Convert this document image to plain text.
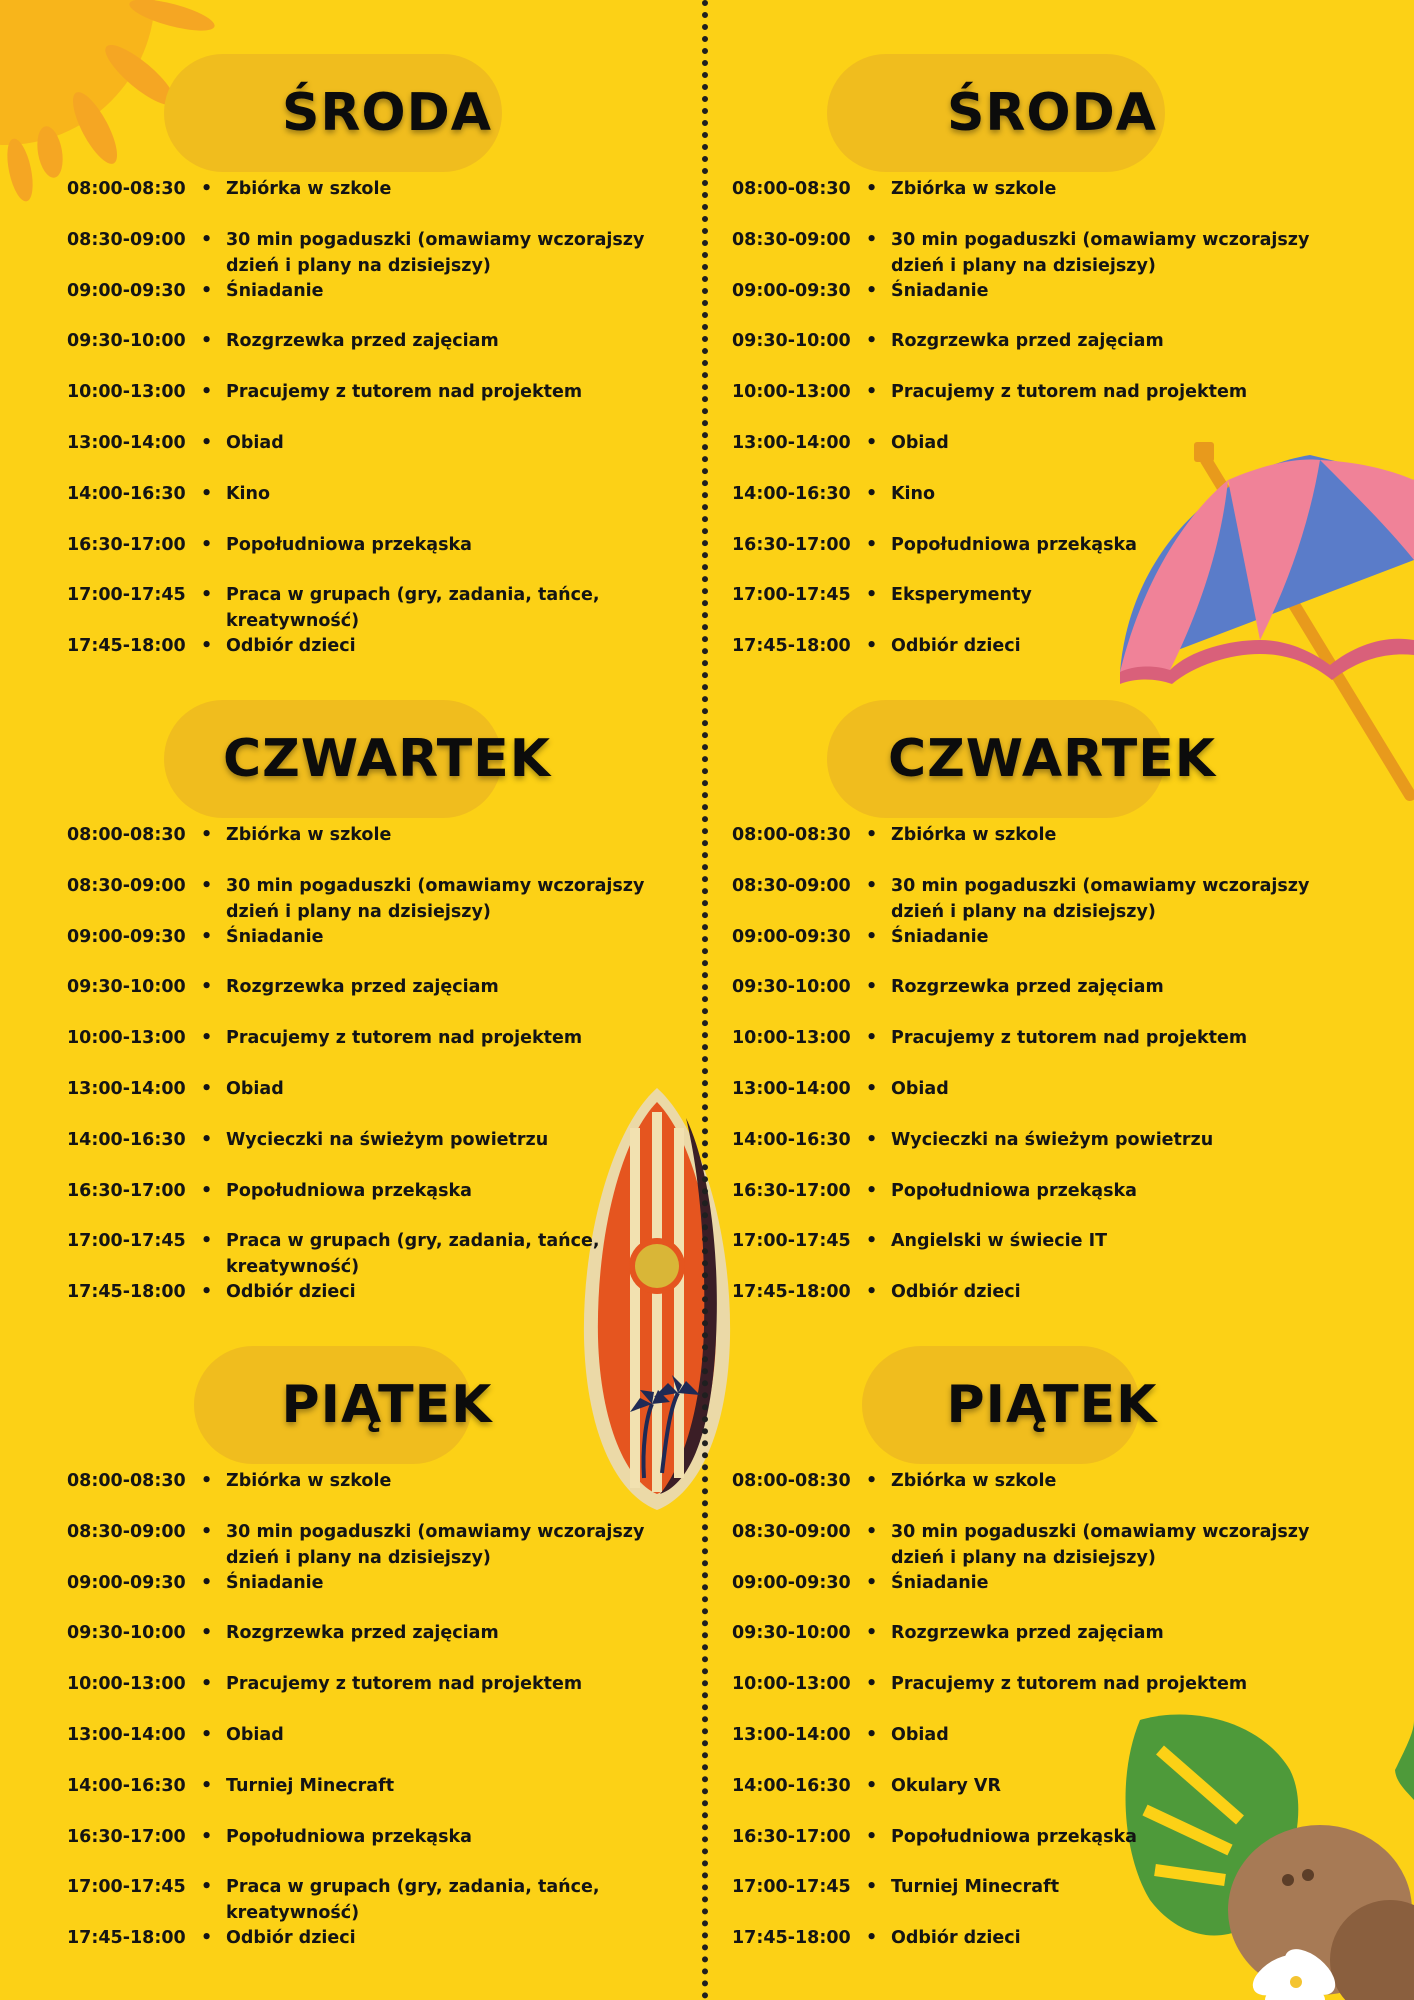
ŚRODA
08:00-08:30 • Zbiórka w szkole
08:30-09:00 • 30 min pogaduszki (omawiamy wczorajszy dzień i plany na dzisiejszy)
09:00-09:30 • Śniadanie
09:30-10:00 • Rozgrzewka przed zajęciam
10:00-13:00 • Pracujemy z tutorem nad projektem
13:00-14:00 • Obiad
14:00-16:30 • Kino
16:30-17:00 • Popołudniowa przekąska
17:00-17:45 • Praca w grupach (gry, zadania, tańce, kreatywność)
17:45-18:00 • Odbiór dzieci
CZWARTEK
08:00-08:30 • Zbiórka w szkole
08:30-09:00 • 30 min pogaduszki (omawiamy wczorajszy dzień i plany na dzisiejszy)
09:00-09:30 • Śniadanie
09:30-10:00 • Rozgrzewka przed zajęciam
10:00-13:00 • Pracujemy z tutorem nad projektem
13:00-14:00 • Obiad
14:00-16:30 • Wycieczki na świeżym powietrzu
16:30-17:00 • Popołudniowa przekąska
17:00-17:45 • Praca w grupach (gry, zadania, tańce, kreatywność)
17:45-18:00 • Odbiór dzieci
PIĄTEK
08:00-08:30 • Zbiórka w szkole
08:30-09:00 • 30 min pogaduszki (omawiamy wczorajszy dzień i plany na dzisiejszy)
09:00-09:30 • Śniadanie
09:30-10:00 • Rozgrzewka przed zajęciam
10:00-13:00 • Pracujemy z tutorem nad projektem
13:00-14:00 • Obiad
14:00-16:30 • Turniej Minecraft
16:30-17:00 • Popołudniowa przekąska
17:00-17:45 • Praca w grupach (gry, zadania, tańce, kreatywność)
17:45-18:00 • Odbiór dzieci
ŚRODA
08:00-08:30 • Zbiórka w szkole
08:30-09:00 • 30 min pogaduszki (omawiamy wczorajszy dzień i plany na dzisiejszy)
09:00-09:30 • Śniadanie
09:30-10:00 • Rozgrzewka przed zajęciam
10:00-13:00 • Pracujemy z tutorem nad projektem
13:00-14:00 • Obiad
14:00-16:30 • Kino
16:30-17:00 • Popołudniowa przekąska
17:00-17:45 • Eksperymenty
17:45-18:00 • Odbiór dzieci
CZWARTEK
08:00-08:30 • Zbiórka w szkole
08:30-09:00 • 30 min pogaduszki (omawiamy wczorajszy dzień i plany na dzisiejszy)
09:00-09:30 • Śniadanie
09:30-10:00 • Rozgrzewka przed zajęciam
10:00-13:00 • Pracujemy z tutorem nad projektem
13:00-14:00 • Obiad
14:00-16:30 • Wycieczki na świeżym powietrzu
16:30-17:00 • Popołudniowa przekąska
17:00-17:45 • Angielski w świecie IT
17:45-18:00 • Odbiór dzieci
PIĄTEK
08:00-08:30 • Zbiórka w szkole
08:30-09:00 • 30 min pogaduszki (omawiamy wczorajszy dzień i plany na dzisiejszy)
09:00-09:30 • Śniadanie
09:30-10:00 • Rozgrzewka przed zajęciam
10:00-13:00 • Pracujemy z tutorem nad projektem
13:00-14:00 • Obiad
14:00-16:30 • Okulary VR
16:30-17:00 • Popołudniowa przekąska
17:00-17:45 • Turniej Minecraft
17:45-18:00 • Odbiór dzieci
